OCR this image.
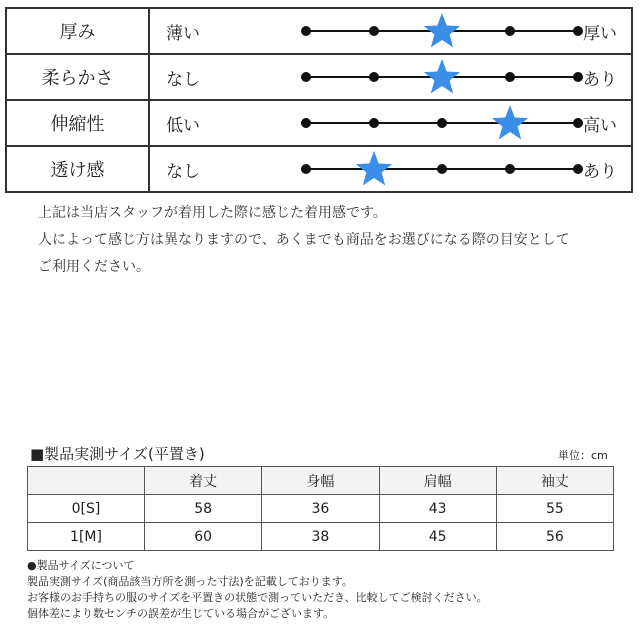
厚み	薄い 厚い

柔らかさ	なし あり

伸縮性	低い 高い

透け感	なし あり
上記は当店スタッフが着用した際に感じた着用感です。
人によって感じ方は異なりますので、あくまでも商品をお選びになる際の目安として
ご利用ください。
■製品実測サイズ(平置き)	単位：cm
	着丈	身幅	肩幅	袖丈
0[S]	58	36	43	55
1[M]	60	38	45	56
●製品サイズについて
製品実測サイズ(商品該当方所を測った寸法)を記載しております。
お客様のお手持ちの服のサイズを平置きの状態で測っていただき、比較してご検討ください。
個体差により数センチの誤差が生じている場合がございます。
